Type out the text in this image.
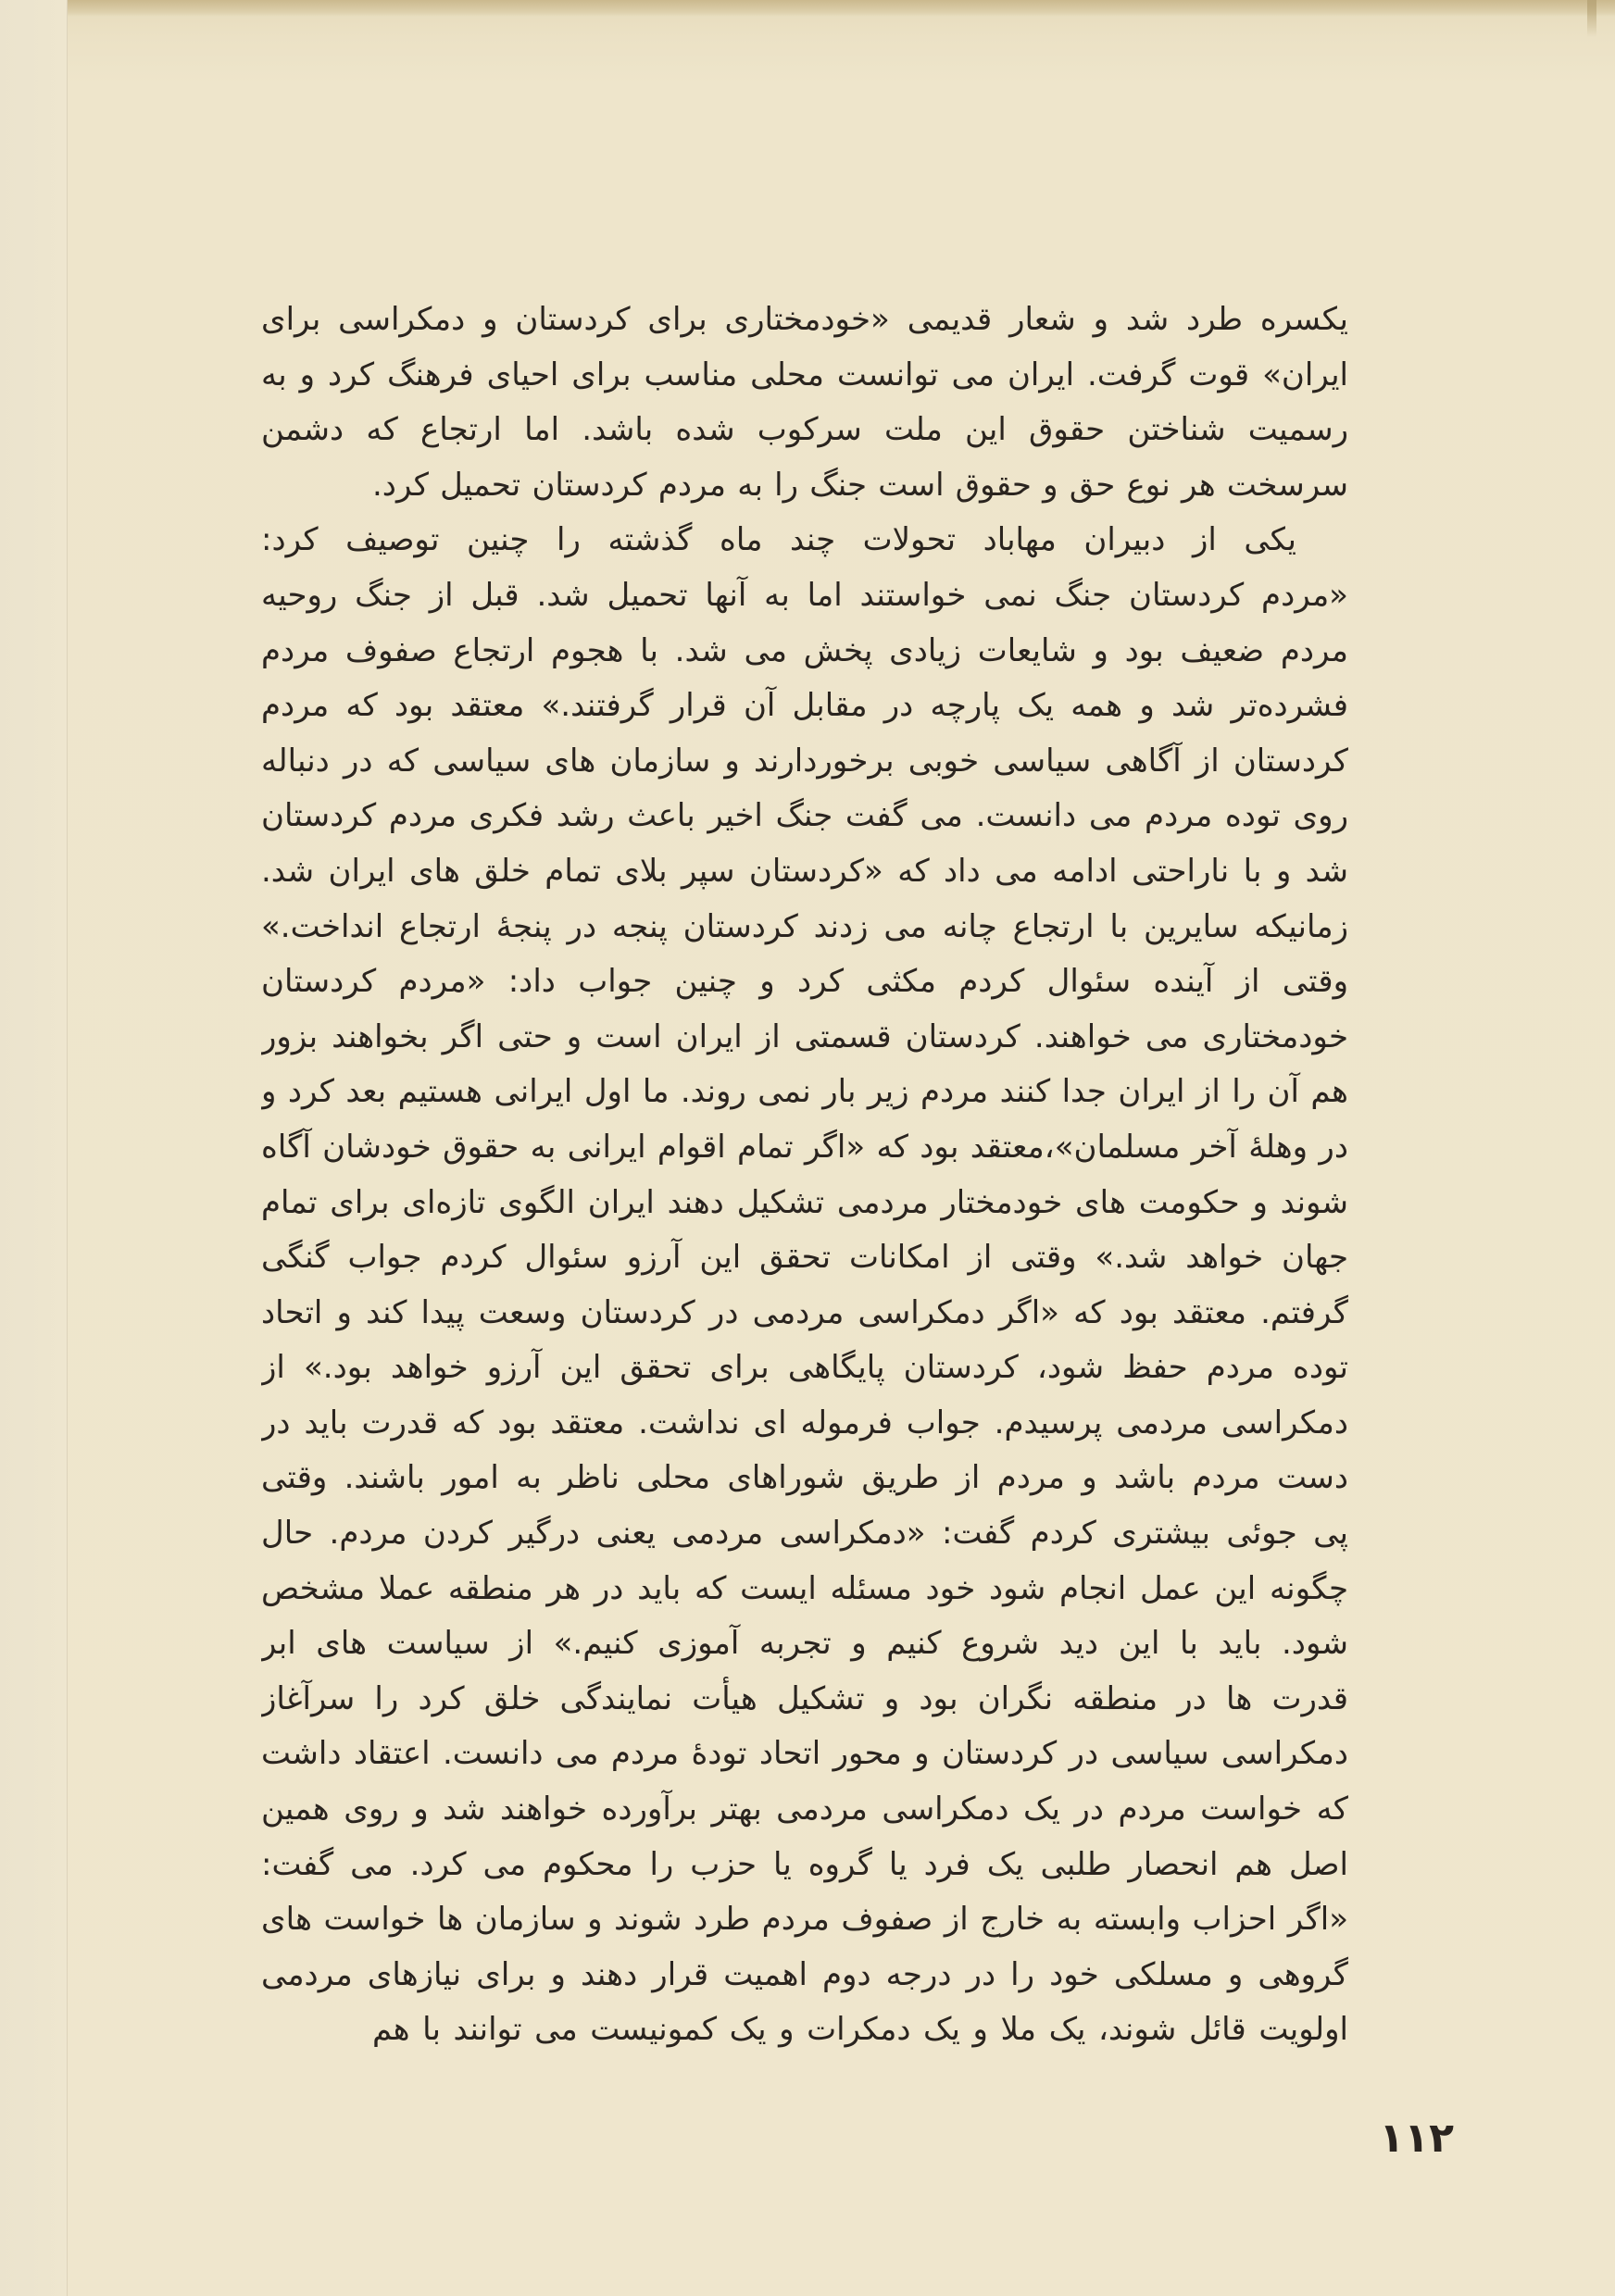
یکسره طرد شد و شعار قدیمی «خودمختاری برای کردستان و دمکراسی برای
ایران» قوت گرفت. ایران می توانست محلی مناسب برای احیای فرهنگ کرد و به
رسمیت شناختن حقوق این ملت سرکوب شده باشد. اما ارتجاع که دشمن
سرسخت هر نوع حق و حقوق است جنگ را به مردم کردستان تحمیل کرد.
یکی از دبیران مهاباد تحولات چند ماه گذشته را چنین توصیف کرد:
«مردم کردستان جنگ نمی خواستند اما به آنها تحمیل شد. قبل از جنگ روحیه
مردم ضعیف بود و شایعات زیادی پخش می شد. با هجوم ارتجاع صفوف مردم
فشرده‌تر شد و همه یک پارچه در مقابل آن قرار گرفتند.» معتقد بود که مردم
کردستان از آگاهی سیاسی خوبی برخوردارند و سازمان های سیاسی که در دنباله
روی توده مردم می دانست. می گفت جنگ اخیر باعث رشد فکری مردم کردستان
شد و با ناراحتی ادامه می داد که «کردستان سپر بلای تمام خلق های ایران شد.
زمانیکه سایرین با ارتجاع چانه می زدند کردستان پنجه در پنجهٔ ارتجاع انداخت.»
وقتی از آینده سئوال کردم مکثی کرد و چنین جواب داد: «مردم کردستان
خودمختاری می خواهند. کردستان قسمتی از ایران است و حتی اگر بخواهند بزور
هم آن را از ایران جدا کنند مردم زیر بار نمی روند. ما اول ایرانی هستیم بعد کرد و
در وهلهٔ آخر مسلمان»،معتقد بود که «اگر تمام اقوام ایرانی به حقوق خودشان آگاه
شوند و حکومت های خودمختار مردمی تشکیل دهند ایران الگوی تازه‌ای برای تمام
جهان خواهد شد.» وقتی از امکانات تحقق این آرزو سئوال کردم جواب گنگی
گرفتم. معتقد بود که «اگر دمکراسی مردمی در کردستان وسعت پیدا کند و اتحاد
توده مردم حفظ شود، کردستان پایگاهی برای تحقق این آرزو خواهد بود.» از
دمکراسی مردمی پرسیدم. جواب فرموله ای نداشت. معتقد بود که قدرت باید در
دست مردم باشد و مردم از طریق شوراهای محلی ناظر به امور باشند. وقتی
پی جوئی بیشتری کردم گفت: «دمکراسی مردمی یعنی درگیر کردن مردم. حال
چگونه این عمل انجام شود خود مسئله ایست که باید در هر منطقه عملا مشخص
شود. باید با این دید شروع کنیم و تجربه آموزی کنیم.» از سیاست های ابر
قدرت ها در منطقه نگران بود و تشکیل هیأت نمایندگی خلق کرد را سرآغاز
دمکراسی سیاسی در کردستان و محور اتحاد تودهٔ مردم می دانست. اعتقاد داشت
که خواست مردم در یک دمکراسی مردمی بهتر برآورده خواهند شد و روی همین
اصل هم انحصار طلبی یک فرد یا گروه یا حزب را محکوم می کرد. می گفت:
«اگر احزاب وابسته به خارج از صفوف مردم طرد شوند و سازمان ها خواست های
گروهی و مسلکی خود را در درجه دوم اهمیت قرار دهند و برای نیازهای مردمی
اولویت قائل شوند، یک ملا و یک دمکرات و یک کمونیست می توانند با هم
۱۱۲
